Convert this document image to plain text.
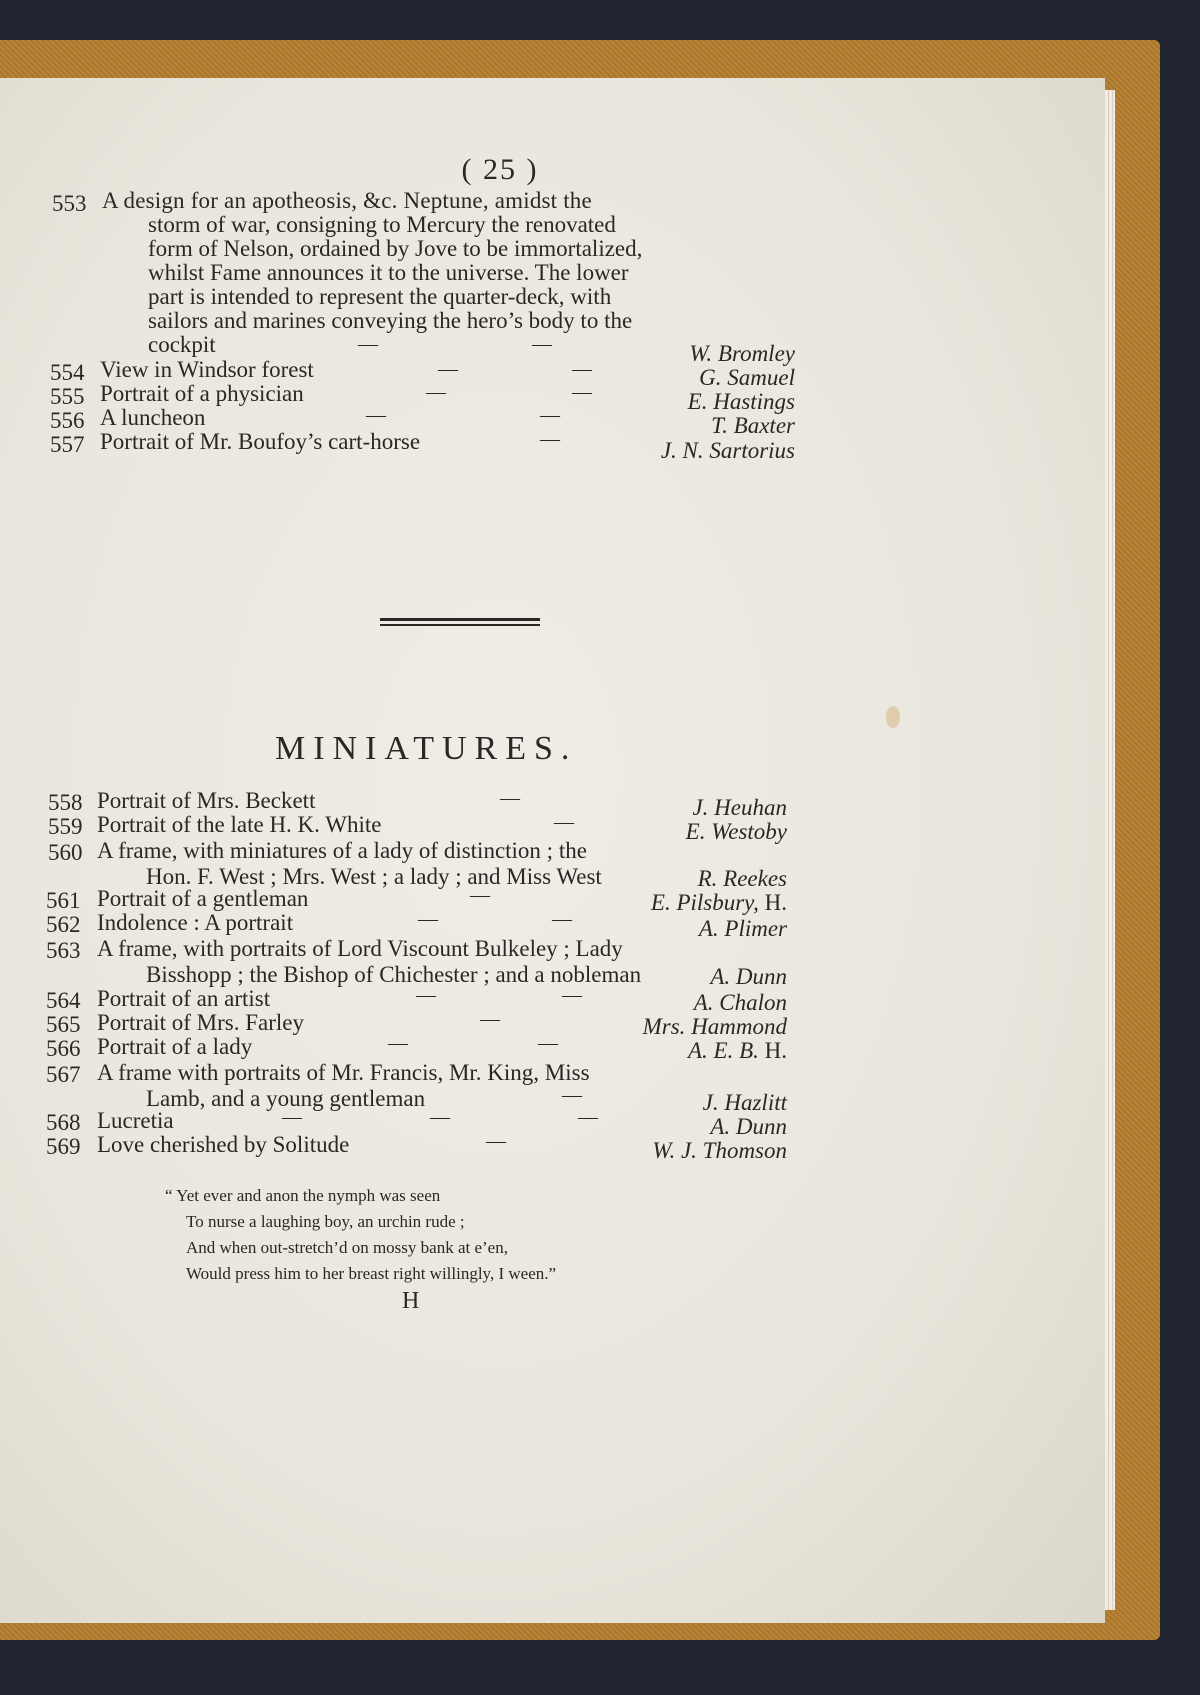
( 25 )
553 A design for an apotheosis, &c. Neptune, amidst the
storm of war, consigning to Mercury the renovated
form of Nelson, ordained by Jove to be immortalized,
whilst Fame announces it to the universe. The lower
part is intended to represent the quarter-deck, with
sailors and marines conveying the hero’s body to the
cockpit	—	—	W. Bromley
554 View in Windsor forest	—	—	G. Samuel
555 Portrait of a physician	—	—	E. Hastings
556 A luncheon	—	—	T. Baxter
557 Portrait of Mr. Boufoy’s cart-horse	—	J. N. Sartorius
MINIATURES.
558 Portrait of Mrs. Beckett	—	J. Heuhan
559 Portrait of the late H. K. White	—	E. Westoby
560 A frame, with miniatures of a lady of distinction ; the
Hon. F. West ; Mrs. West ; a lady ; and Miss West	R. Reekes
561 Portrait of a gentleman	—	E. Pilsbury, H.
562 Indolence : A portrait	—	—	A. Plimer
563 A frame, with portraits of Lord Viscount Bulkeley ; Lady
Bisshopp ; the Bishop of Chichester ; and a nobleman	A. Dunn
564 Portrait of an artist	—	—	A. Chalon
565 Portrait of Mrs. Farley	—	Mrs. Hammond
566 Portrait of a lady	—	—	A. E. B. H.
567 A frame with portraits of Mr. Francis, Mr. King, Miss
Lamb, and a young gentleman	—	J. Hazlitt
568 Lucretia	—	—	—	A. Dunn
569 Love cherished by Solitude	—	W. J. Thomson
“ Yet ever and anon the nymph was seen
To nurse a laughing boy, an urchin rude ;
And when out-stretch’d on mossy bank at e’en,
Would press him to her breast right willingly, I ween.”
H
